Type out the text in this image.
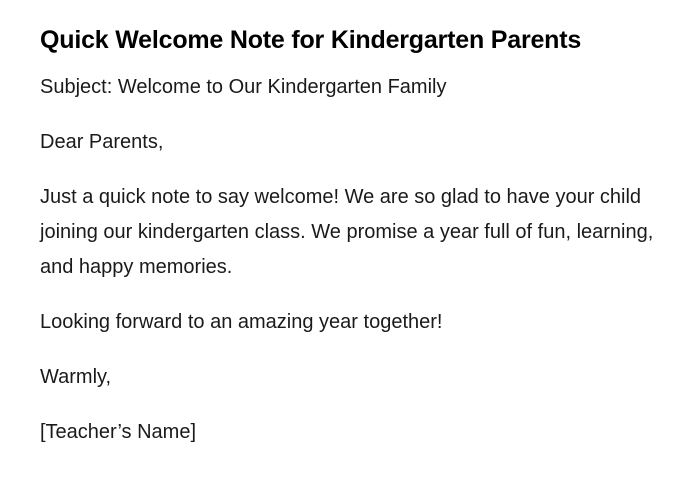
Quick Welcome Note for Kindergarten Parents

Subject: Welcome to Our Kindergarten Family

Dear Parents,

Just a quick note to say welcome! We are so glad to have your child joining our kindergarten class. We promise a year full of fun, learning, and happy memories.

Looking forward to an amazing year together!

Warmly,

[Teacher’s Name]
